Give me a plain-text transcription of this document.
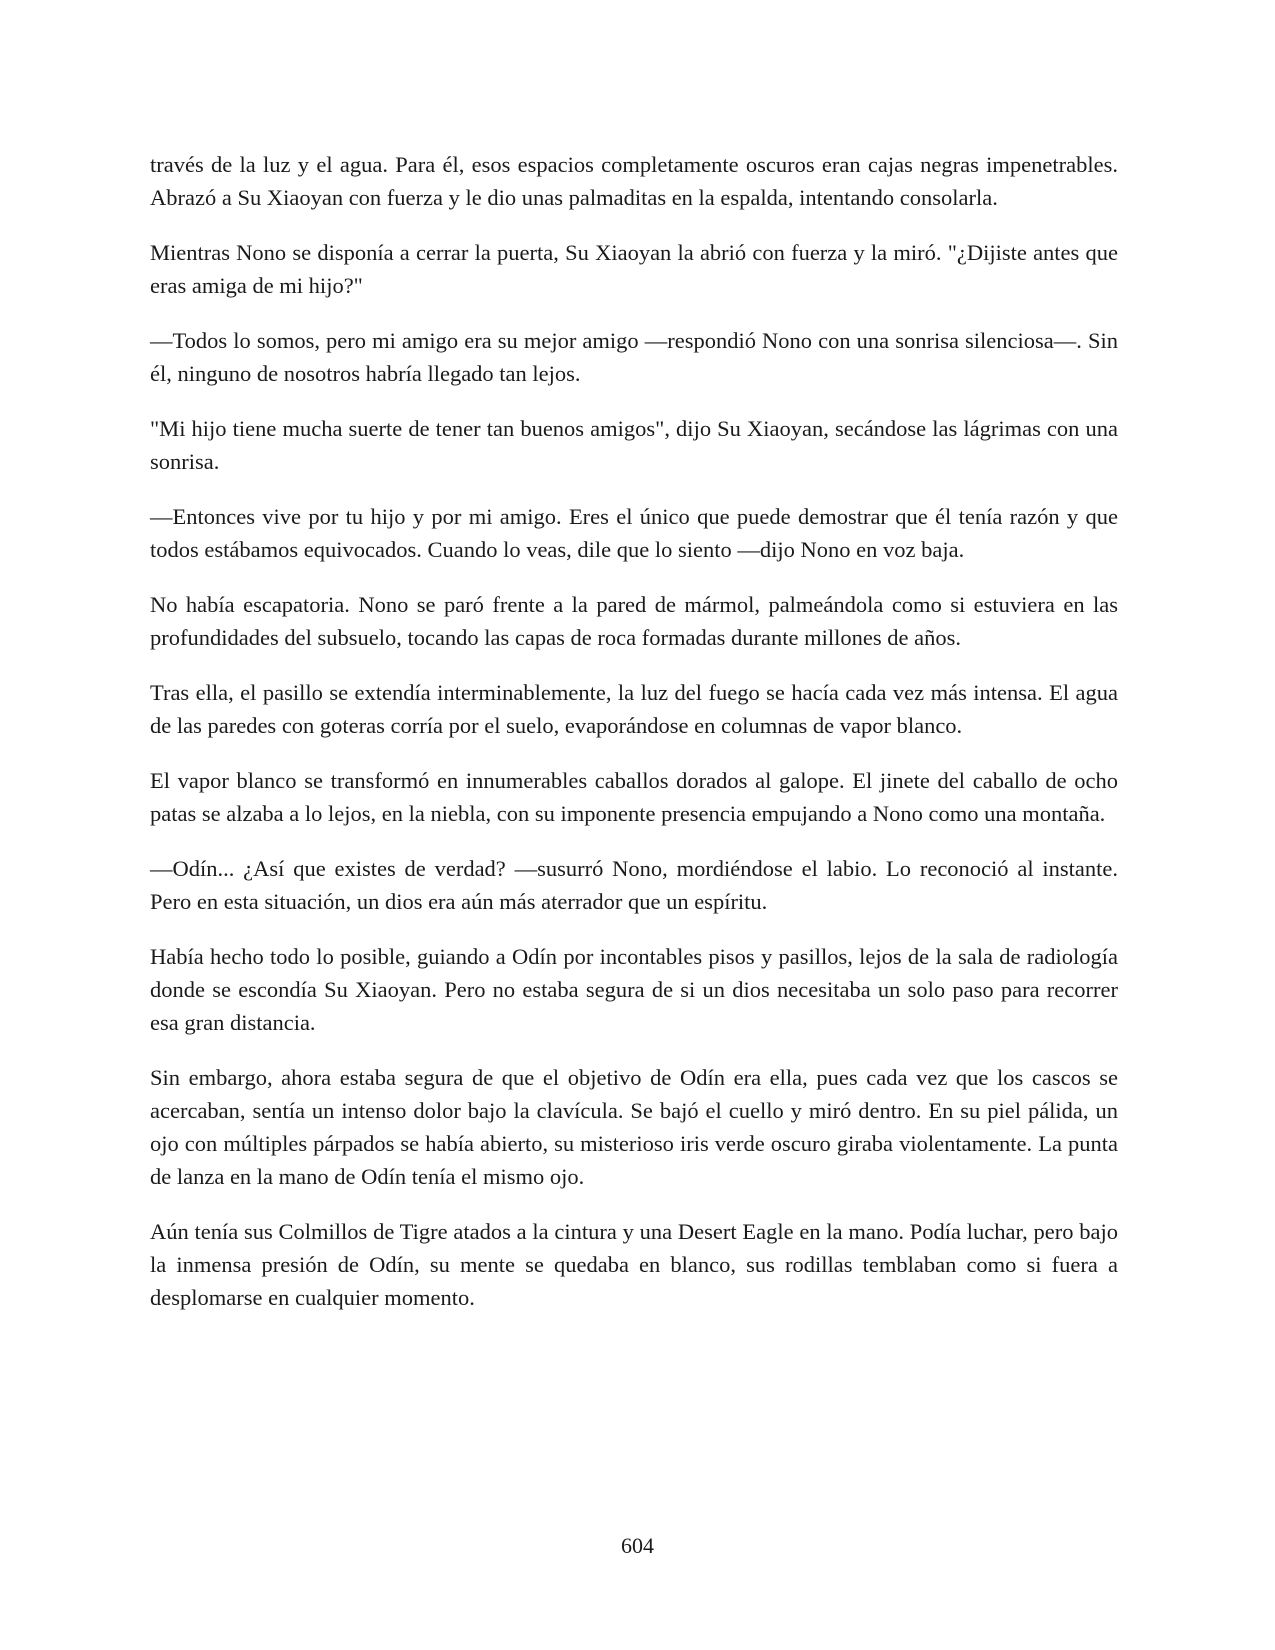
través de la luz y el agua. Para él, esos espacios completamente oscuros eran cajas negras impenetrables. Abrazó a Su Xiaoyan con fuerza y le dio unas palmaditas en la espalda, intentando consolarla.

Mientras Nono se disponía a cerrar la puerta, Su Xiaoyan la abrió con fuerza y la miró. "¿Dijiste antes que eras amiga de mi hijo?"

—Todos lo somos, pero mi amigo era su mejor amigo —respondió Nono con una sonrisa silenciosa—. Sin él, ninguno de nosotros habría llegado tan lejos.

"Mi hijo tiene mucha suerte de tener tan buenos amigos", dijo Su Xiaoyan, secándose las lágrimas con una sonrisa.

—Entonces vive por tu hijo y por mi amigo. Eres el único que puede demostrar que él tenía razón y que todos estábamos equivocados. Cuando lo veas, dile que lo siento —dijo Nono en voz baja.

No había escapatoria. Nono se paró frente a la pared de mármol, palmeándola como si estuviera en las profundidades del subsuelo, tocando las capas de roca formadas durante millones de años.

Tras ella, el pasillo se extendía interminablemente, la luz del fuego se hacía cada vez más intensa. El agua de las paredes con goteras corría por el suelo, evaporándose en columnas de vapor blanco.

El vapor blanco se transformó en innumerables caballos dorados al galope. El jinete del caballo de ocho patas se alzaba a lo lejos, en la niebla, con su imponente presencia empujando a Nono como una montaña.

—Odín... ¿Así que existes de verdad? —susurró Nono, mordiéndose el labio. Lo reconoció al instante. Pero en esta situación, un dios era aún más aterrador que un espíritu.

Había hecho todo lo posible, guiando a Odín por incontables pisos y pasillos, lejos de la sala de radiología donde se escondía Su Xiaoyan. Pero no estaba segura de si un dios necesitaba un solo paso para recorrer esa gran distancia.

Sin embargo, ahora estaba segura de que el objetivo de Odín era ella, pues cada vez que los cascos se acercaban, sentía un intenso dolor bajo la clavícula. Se bajó el cuello y miró dentro. En su piel pálida, un ojo con múltiples párpados se había abierto, su misterioso iris verde oscuro giraba violentamente. La punta de lanza en la mano de Odín tenía el mismo ojo.

Aún tenía sus Colmillos de Tigre atados a la cintura y una Desert Eagle en la mano. Podía luchar, pero bajo la inmensa presión de Odín, su mente se quedaba en blanco, sus rodillas temblaban como si fuera a desplomarse en cualquier momento.

604
